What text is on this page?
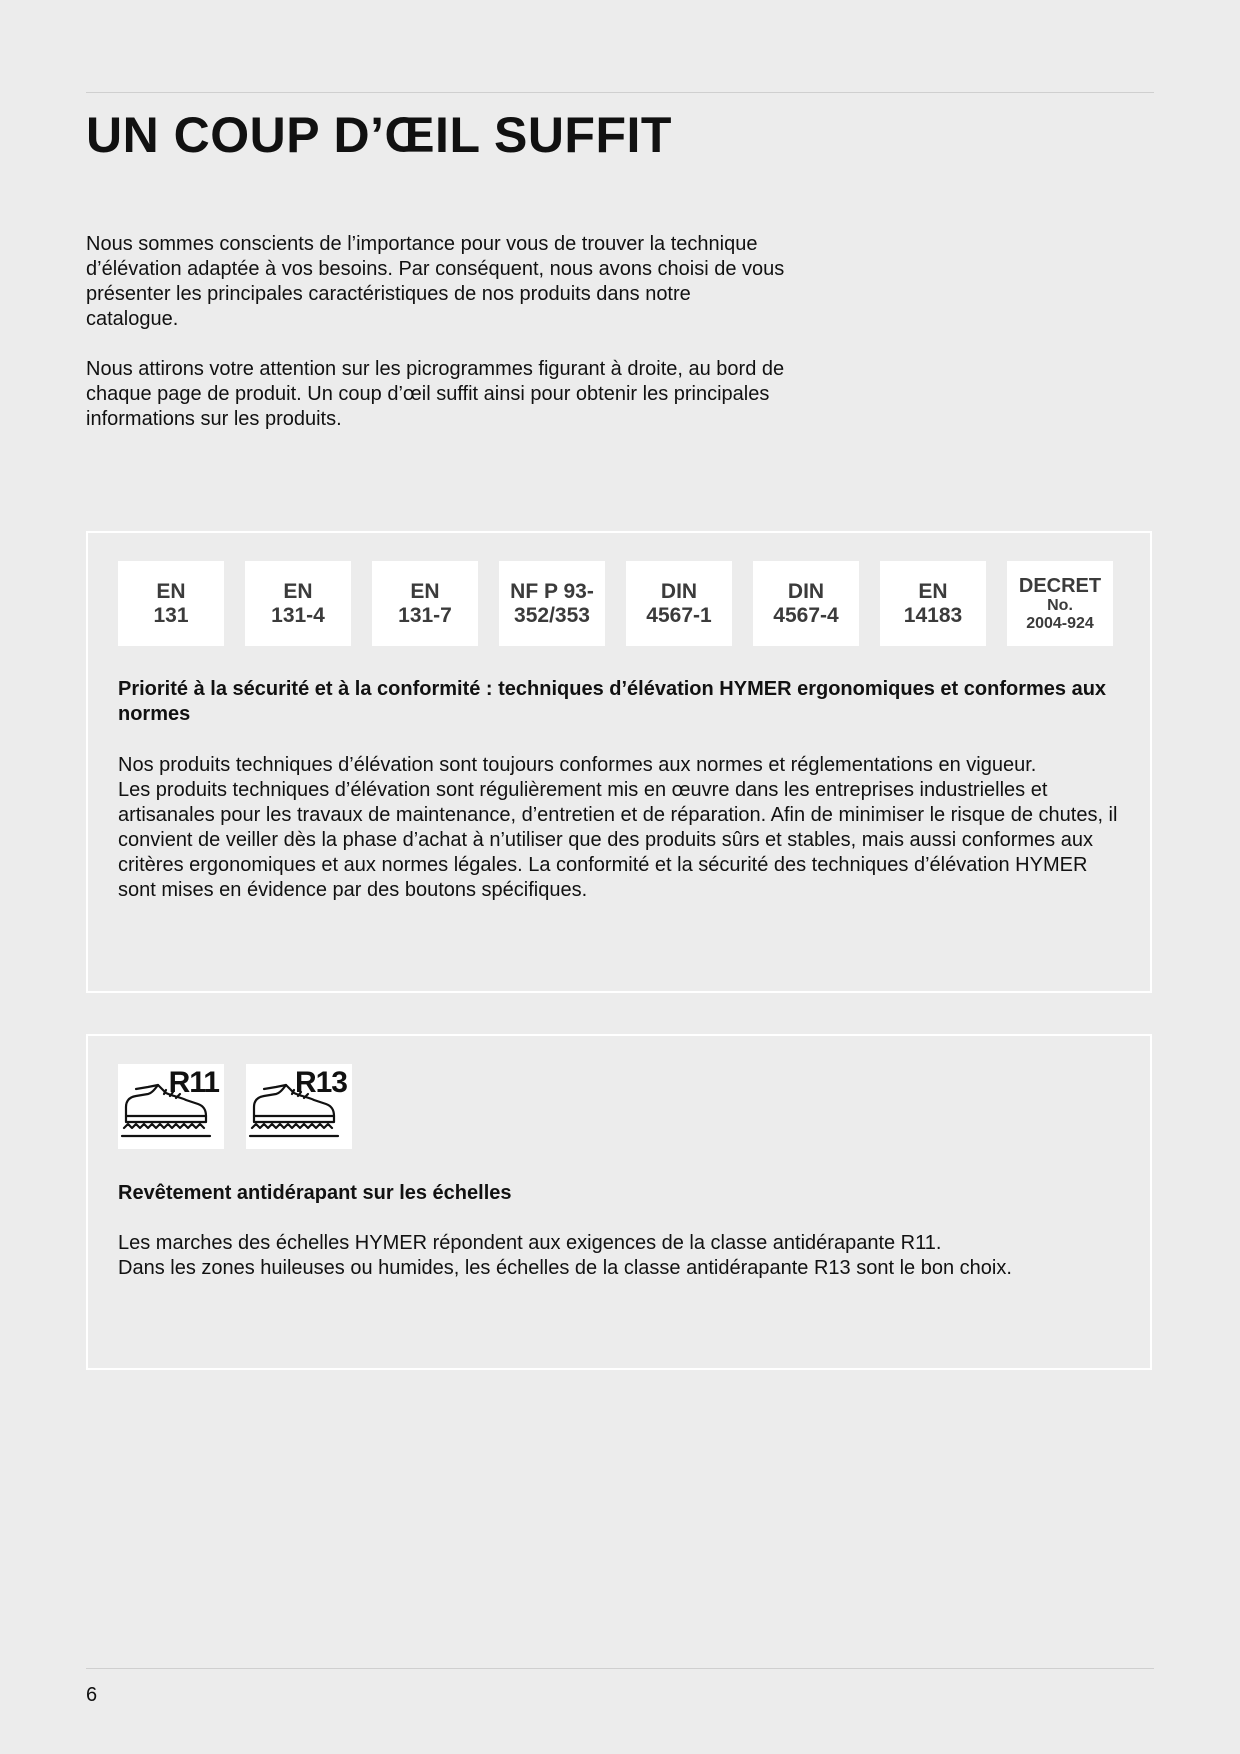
UN COUP D’ŒIL SUFFIT

Nous sommes conscients de l’importance pour vous de trouver la technique d’élévation adaptée à vos besoins. Par conséquent, nous avons choisi de vous présenter les principales caractéristiques de nos produits dans notre catalogue.

Nous attirons votre attention sur les picrogrammes figurant à droite, au bord de chaque page de produit. Un coup d’œil suffit ainsi pour obtenir les principales informations sur les produits.

EN
131
EN
131-4
EN
131-7
NF P 93-
352/353
DIN
4567-1
DIN
4567-4
EN
14183
DECRET
No.
2004-924
Priorité à la sécurité et à la conformité : techniques d’élévation HYMER ergonomiques et conformes aux normes

Nos produits techniques d’élévation sont toujours conformes aux normes et réglementations en vigueur.

Les produits techniques d’élévation sont régulièrement mis en œuvre dans les entreprises industrielles et artisanales pour les travaux de maintenance, d’entretien et de réparation. Afin de minimiser le risque de chutes, il convient de veiller dès la phase d’achat à n’utiliser que des produits sûrs et stables, mais aussi conformes aux critères ergonomiques et aux normes légales. La conformité et la sécurité des techniques d’élévation HYMER sont mises en évidence par des boutons spécifiques.

R11	R13
Revêtement antidérapant sur les échelles

Les marches des échelles HYMER répondent aux exigences de la classe antidérapante R11.

Dans les zones huileuses ou humides, les échelles de la classe antidérapante R13 sont le bon choix.

6
